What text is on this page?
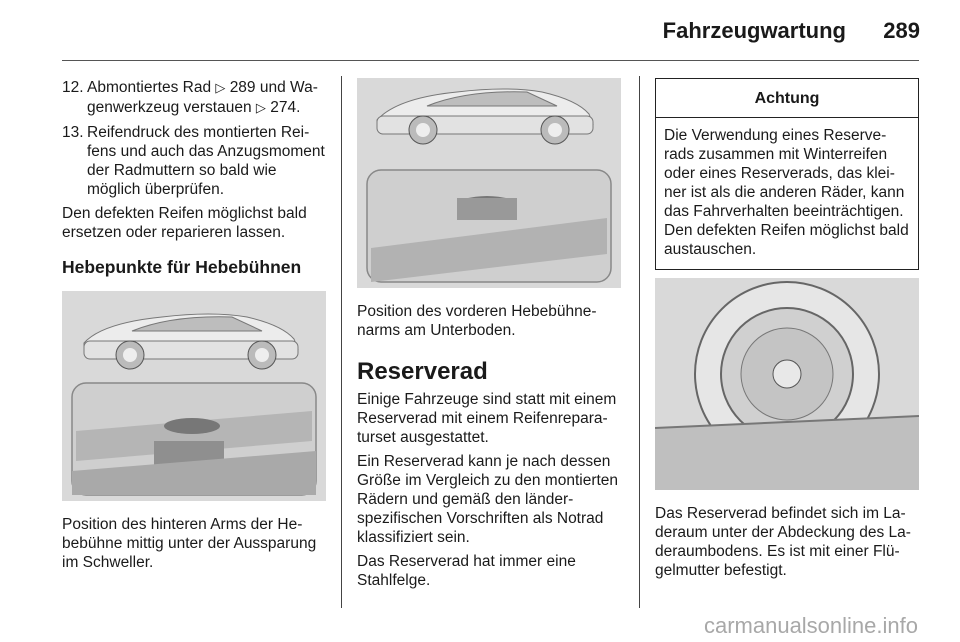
Fahrzeugwartung 289
12. Abmontiertes Rad ▷ 289 und Wagenwerkzeug verstauen ▷ 274.
13. Reifendruck des montierten Reifens und auch das Anzugsmoment der Radmuttern so bald wie möglich überprüfen.

Den defekten Reifen möglichst bald ersetzen oder reparieren lassen.

Hebepunkte für Hebebühnen

Position des hinteren Arms der Hebebühne mittig unter der Aussparung im Schweller.

Position des vorderen Hebebühnenarms am Unterboden.

Reserverad

Einige Fahrzeuge sind statt mit einem Reserverad mit einem Reifenreparaturset ausgestattet.

Ein Reserverad kann je nach dessen Größe im Vergleich zu den montierten Rädern und gemäß den länderspezifischen Vorschriften als Notrad klassifiziert sein.

Das Reserverad hat immer eine Stahlfelge.

Achtung
Die Verwendung eines Reserverads zusammen mit Winterreifen oder eines Reserverads, das kleiner ist als die anderen Räder, kann das Fahrverhalten beeinträchtigen. Den defekten Reifen möglichst bald austauschen.

Das Reserverad befindet sich im Laderaum unter der Abdeckung des Laderaumbodens. Es ist mit einer Flügelmutter befestigt.

carmanualsonline.info
